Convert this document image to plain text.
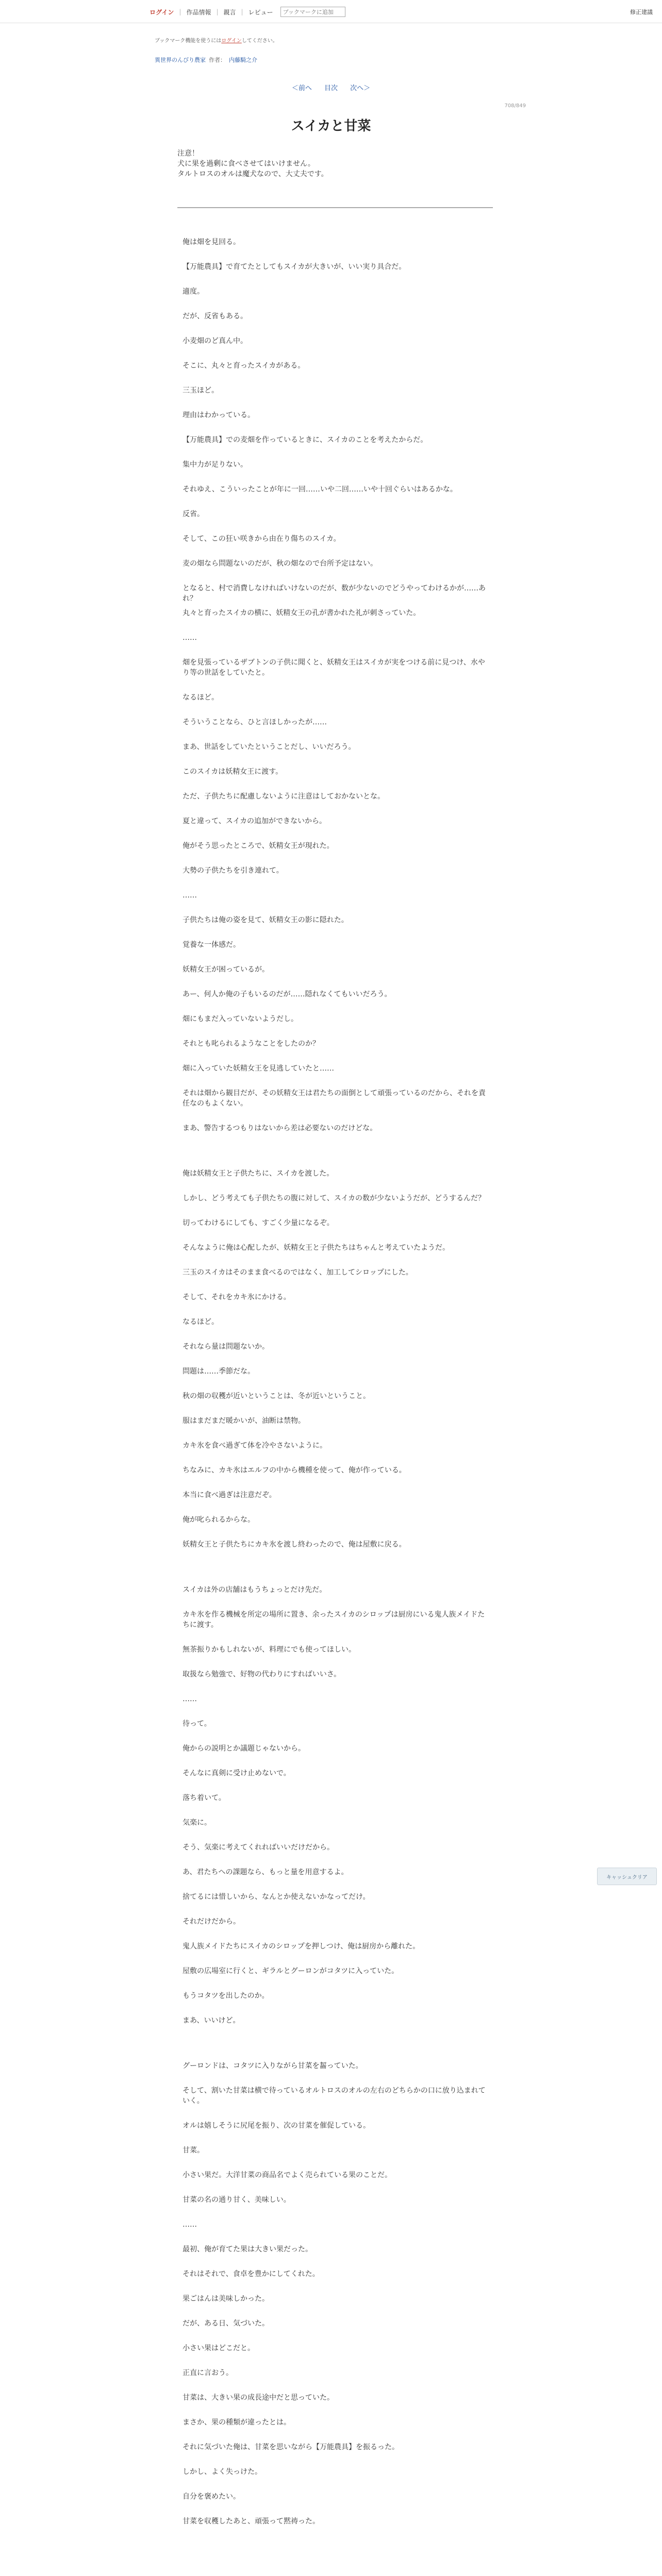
ログイン | 作品情報 | 親言 | レビュー
ブックマークに追加	修正建議
ブックマーク機能を使うにはログインしてください。
異世界のんびり農家 作者： 内藤騎之介
＜前へ 目次 次へ＞
708/849
スイカと甘菜
注意！
犬に果を過剰に食べさせてはいけません。
タルトロスのオルは魔犬なので、大丈夫です。
俺は畑を見回る。
【万能農具】で育てたとしてもスイカが大きいが、いい実り具合だ。
適度。
だが、反省もある。
小麦畑のど真ん中。
そこに、丸々と育ったスイカがある。
三玉ほど。
理由はわかっている。
【万能農具】での麦畑を作っているときに、スイカのことを考えたからだ。
集中力が足りない。
それゆえ、こういったことが年に一回……いや二回……いや十回ぐらいはあるかな。
反省。
そして、この狂い咲きから由在り傷ちのスイカ。
麦の畑なら問題ないのだが、秋の畑なので台所予定はない。
となると、村で消費しなければいけないのだが、数が少ないのでどうやってわけるかが……あれ？
丸々と育ったスイカの横に、妖精女王の孔が書かれた礼が刺さっていた。
……
畑を見張っているザブトンの子供に聞くと、妖精女王はスイカが実をつける前に見つけ、水やり等の世話をしていたと。
なるほど。
そういうことなら、ひと言ほしかったが……
まあ、世話をしていたということだし、いいだろう。
このスイカは妖精女王に渡す。
ただ、子供たちに配慮しないように注意はしておかないとな。
夏と違って、スイカの追加ができないから。
俺がそう思ったところで、妖精女王が現れた。
大勢の子供たちを引き連れて。
……
子供たちは俺の姿を見て、妖精女王の影に隠れた。
覚養な一体感だ。
妖精女王が困っているが。
あー、何人か俺の子もいるのだが……隠れなくてもいいだろう。
畑にもまだ入っていないようだし。
それとも叱られるようなことをしたのか？
畑に入っていた妖精女王を見逃していたと……
それは畑から観目だが、その妖精女王は君たちの面倒として頑張っているのだから、それを責任なのもよくない。
まあ、警告するつもりはないから差は必要ないのだけどな。
俺は妖精女王と子供たちに、スイカを渡した。
しかし、どう考えても子供たちの腹に対して、スイカの数が少ないようだが、どうするんだ？
切ってわけるにしても、すごく少量になるぞ。
そんなように俺は心配したが、妖精女王と子供たちはちゃんと考えていたようだ。
三玉のスイカはそのまま食べるのではなく、加工してシロップにした。
そして、それをカキ氷にかける。
なるほど。
それなら量は問題ないか。
問題は……季節だな。
秋の畑の収穫が近いということは、冬が近いということ。
服はまだまだ暖かいが、油断は禁物。
カキ氷を食べ過ぎて体を冷やさないように。
ちなみに、カキ氷はエルフの中から機種を使って、俺が作っている。
本当に食べ過ぎは注意だぞ。
俺が叱られるからな。
妖精女王と子供たちにカキ氷を渡し終わったので、俺は屋敷に戻る。
スイカは外の店舗はもうちょっとだけ先だ。
カキ氷を作る機械を所定の場所に置き、余ったスイカのシロップは厨房にいる鬼人族メイドたちに渡す。
無茶振りかもしれないが、料理にでも使ってほしい。
取扱なら勉強で、好物の代わりにすればいいさ。
……
待って。
俺からの説明とか議題じゃないから。
そんなに真剣に受け止めないで。
落ち着いて。
気楽に。
そう、気楽に考えてくれればいいだけだから。
あ、君たちへの課題なら、もっと量を用意するよ。
捨てるには惜しいから、なんとか使えないかなってだけ。
それだけだから。
鬼人族メイドたちにスイカのシロップを押しつけ、俺は厨房から離れた。
屋敷の広場室に行くと、ギラルとグーロンがコタツに入っていた。
もうコタツを出したのか。
まあ、いいけど。
グーロンドは、コタツに入りながら甘菜を齧っていた。
そして、割いた甘菜は横で待っているオルトロスのオルの左右のどちらかの口に放り込まれていく。
オルは嬉しそうに尻尾を振り、次の甘菜を催促している。
甘菜。
小さい果だ。大洋甘菜の商品名でよく売られている果のことだ。
甘菜の名の通り甘く、美味しい。
……
最初、俺が育てた果は大きい果だった。
それはそれで、食卓を豊かにしてくれた。
果ごはんは美味しかった。
だが、ある日、気づいた。
小さい果はどこだと。
正直に言おう。
甘菜は、大きい果の成長途中だと思っていた。
まさか、果の種類が違ったとは。
それに気づいた俺は、甘菜を思いながら【万能農具】を振るった。
しかし、よく失っけた。
自分を褒めたい。
甘菜を収穫したあと、頑張って黙祷った。
キャッシュクリア
